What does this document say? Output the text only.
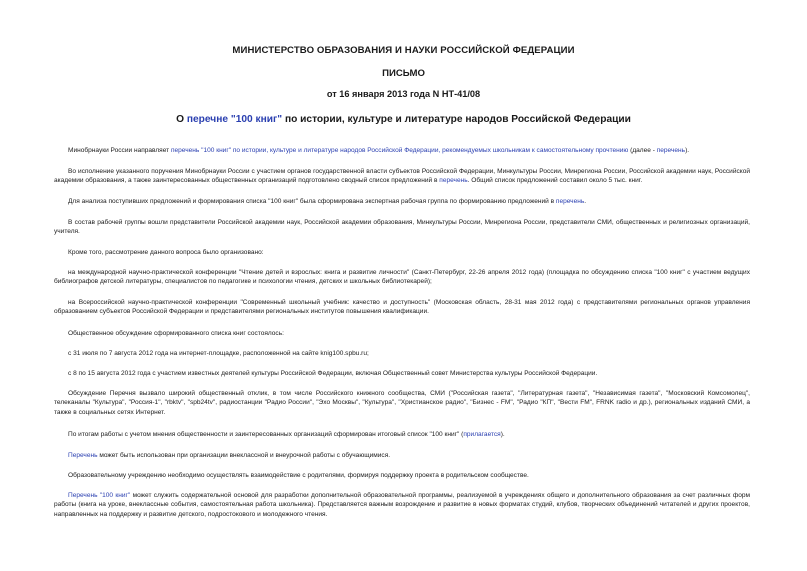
МИНИСТЕРСТВО ОБРАЗОВАНИЯ И НАУКИ РОССИЙСКОЙ ФЕДЕРАЦИИ
ПИСЬМО
от 16 января 2013 года N НТ-41/08
О перечне "100 книг" по истории, культуре и литературе народов Российской Федерации

Минобрнауки России направляет перечень "100 книг" по истории, культуре и литературе народов Российской Федерации, рекомендуемых школьникам к самостоятельному прочтению (далее - перечень).

Во исполнение указанного поручения Минобрнауки России с участием органов государственной власти субъектов Российской Федерации, Минкультуры России, Минрегиона России, Российской академии наук, Российской академии образования, а также заинтересованных общественных организаций подготовлено сводный список предложений в перечень. Общий список предложений составил около 5 тыс. книг.

Для анализа поступивших предложений и формирования списка "100 книг" была сформирована экспертная рабочая группа по формированию предложений в перечень.

В состав рабочей группы вошли представители Российской академии наук, Российской академии образования, Минкультуры России, Минрегиона России, представители СМИ, общественных и религиозных организаций, учителя.

Кроме того, рассмотрение данного вопроса было организовано:

на международной научно-практической конференции "Чтение детей и взрослых: книга и развитие личности" (Санкт-Петербург, 22-26 апреля 2012 года) (площадка по обсуждению списка "100 книг" с участием ведущих библиографов детской литературы, специалистов по педагогике и психологии чтения, детских и школьных библиотекарей);

на Всероссийской научно-практической конференции "Современный школьный учебник: качество и доступность" (Московская область, 28-31 мая 2012 года) с представителями региональных органов управления образованием субъектов Российской Федерации и представителями региональных институтов повышения квалификации.

Общественное обсуждение сформированного списка книг состоялось:

с 31 июля по 7 августа 2012 года на интернет-площадке, расположенной на сайте knig100.spbu.ru;

с 8 по 15 августа 2012 года с участием известных деятелей культуры Российской Федерации, включая Общественный совет Министерства культуры Российской Федерации.

Обсуждение Перечня вызвало широкий общественный отклик, в том числе Российского книжного сообщества, СМИ ("Российская газета", "Литературная газета", "Независимая газета", "Московский Комсомолец", телеканалы "Культура", "Россия-1", "rbktv", "spb24tv", радиостанции "Радио России", "Эхо Москвы", "Культура", "Христианское радио", "Бизнес - FM", "Радио "КП", "Вести FM", FRNK radio и др.), региональных изданий СМИ, а также в социальных сетях Интернет.

По итогам работы с учетом мнения общественности и заинтересованных организаций сформирован итоговый список "100 книг" (прилагается).

Перечень может быть использован при организации внеклассной и внеурочной работы с обучающимися.

Образовательному учреждению необходимо осуществлять взаимодействие с родителями, формируя поддержку проекта в родительском сообществе.

Перечень "100 книг" может служить содержательной основой для разработки дополнительной образовательной программы, реализуемой в учреждениях общего и дополнительного образования за счет различных форм работы (книга на уроке, внеклассные события, самостоятельная работа школьника). Представляется важным возрождение и развитие в новых форматах студий, клубов, творческих объединений читателей и других проектов, направленных на поддержку и развитие детского, подростокового и молодежного чтения.
